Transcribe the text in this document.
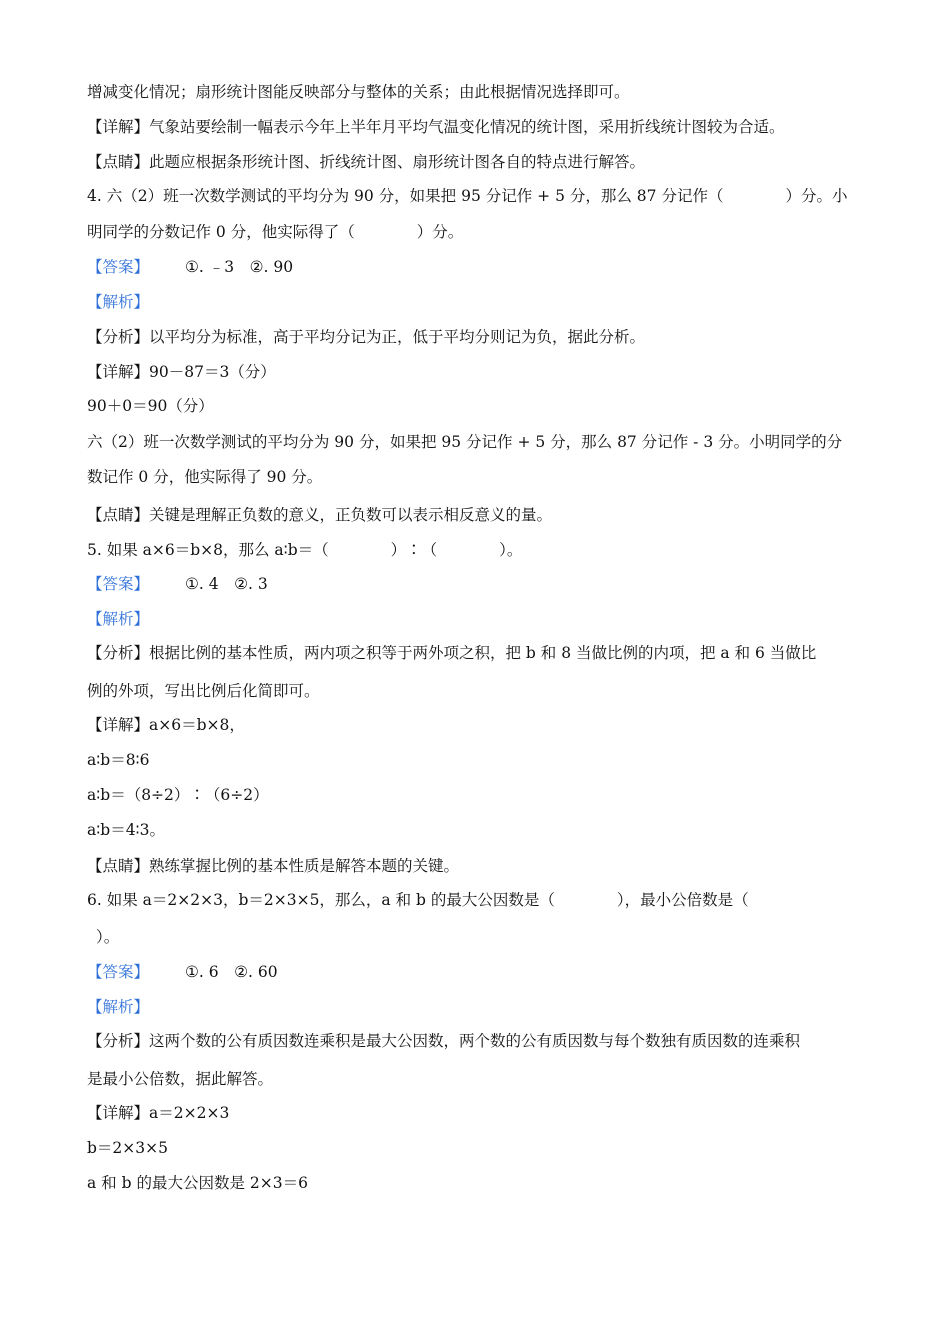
增减变化情况；扇形统计图能反映部分与整体的关系；由此根据情况选择即可。
【详解】气象站要绘制一幅表示今年上半年月平均气温变化情况的统计图，采用折线统计图较为合适。
【点睛】此题应根据条形统计图、折线统计图、扇形统计图各自的特点进行解答。
4. 六（2）班一次数学测试的平均分为 90 分，如果把 95 分记作 + 5 分，那么 87 分记作（　　　　）分。小
明同学的分数记作 0 分，他实际得了（　　　　）分。
【答案】 ①. ﹣3　②. 90
【解析】
【分析】以平均分为标准，高于平均分记为正，低于平均分则记为负，据此分析。
【详解】90－87＝3（分）
90＋0＝90（分）
六（2）班一次数学测试的平均分为 90 分，如果把 95 分记作 + 5 分，那么 87 分记作 - 3 分。小明同学的分
数记作 0 分，他实际得了 90 分。
【点睛】关键是理解正负数的意义，正负数可以表示相反意义的量。
5. 如果 a×6＝b×8，那么 a∶b＝（　　　　）∶（　　　　）。
【答案】 ①. 4　②. 3
【解析】
【分析】根据比例的基本性质，两内项之积等于两外项之积，把 b 和 8 当做比例的内项，把 a 和 6 当做比
例的外项，写出比例后化简即可。
【详解】a×6＝b×8，
a∶b＝8∶6
a∶b＝（8÷2）∶（6÷2）
a∶b＝4∶3。
【点睛】熟练掌握比例的基本性质是解答本题的关键。
6. 如果 a＝2×2×3，b＝2×3×5，那么，a 和 b 的最大公因数是（　　　　），最小公倍数是（
）。
【答案】 ①. 6　②. 60
【解析】
【分析】这两个数的公有质因数连乘积是最大公因数，两个数的公有质因数与每个数独有质因数的连乘积
是最小公倍数，据此解答。
【详解】a＝2×2×3
b＝2×3×5
a 和 b 的最大公因数是 2×3＝6
